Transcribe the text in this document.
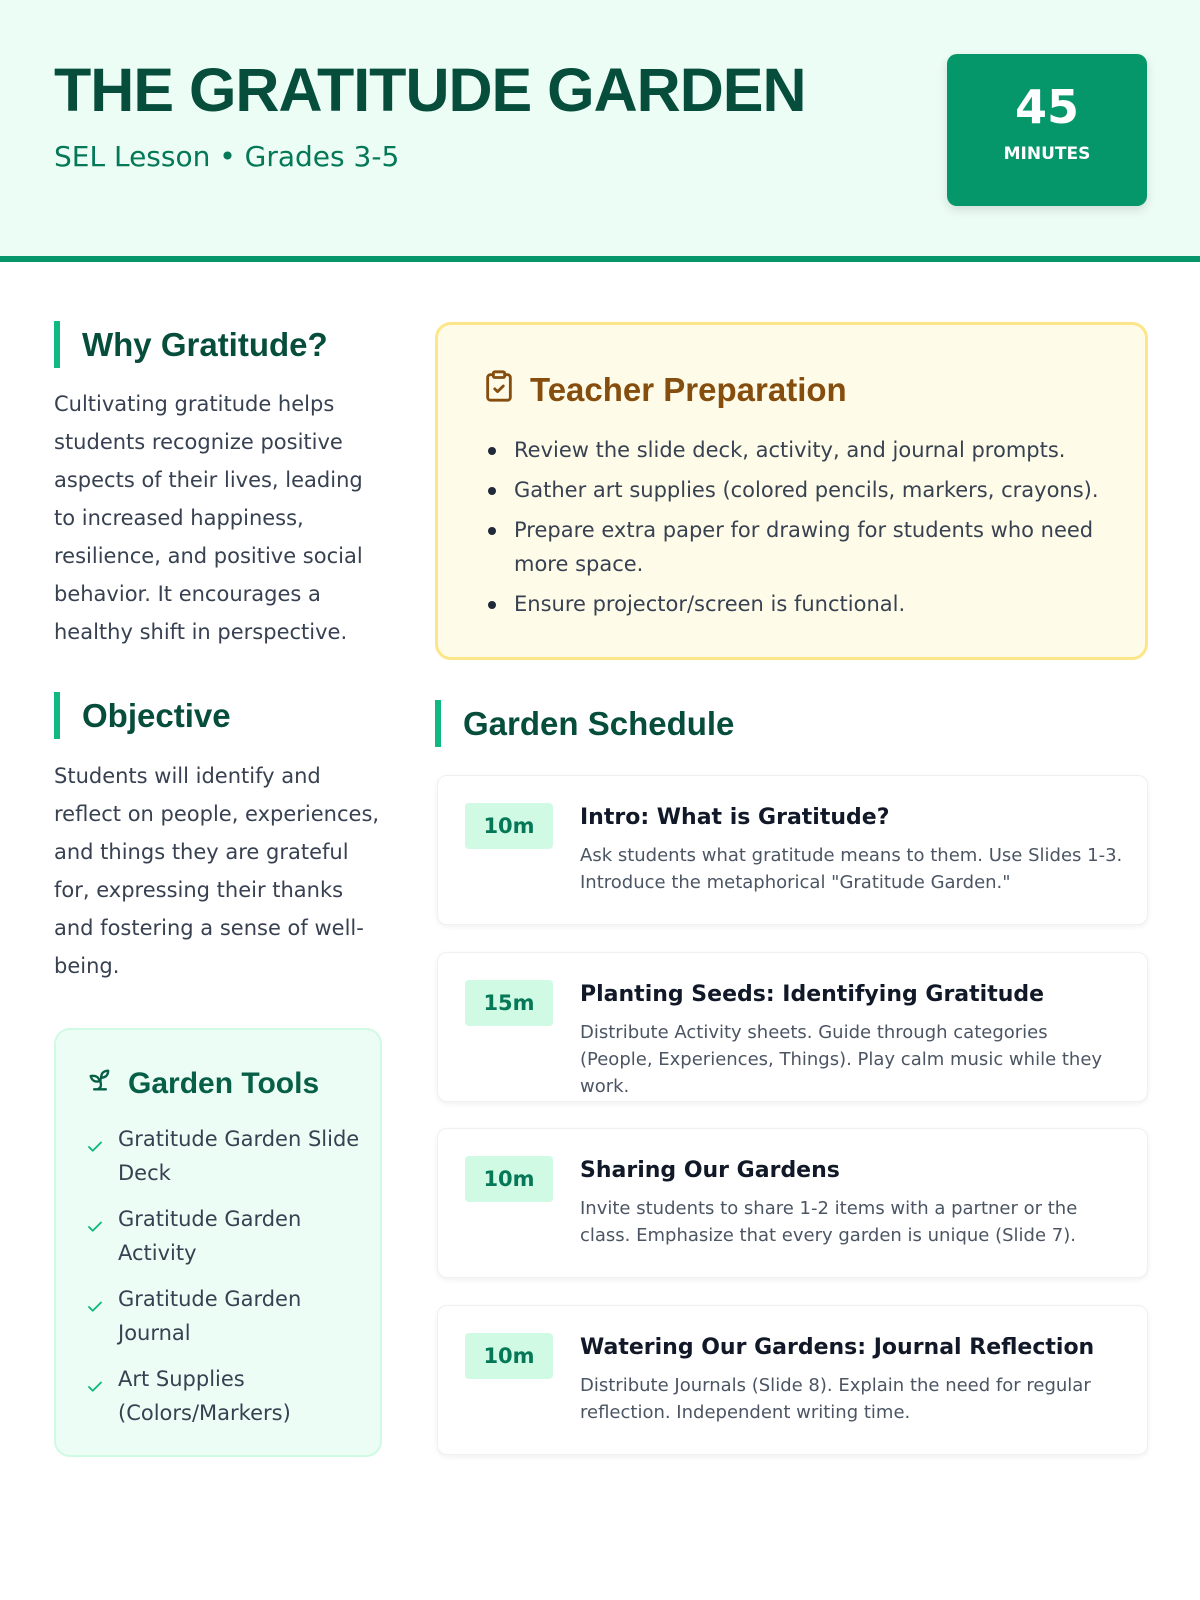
THE GRATITUDE GARDEN
SEL Lesson • Grades 3-5
45
MINUTES
Why Gratitude?

Cultivating gratitude helps students recognize positive aspects of their lives, leading to increased happiness, resilience, and positive social behavior. It encourages a healthy shift in perspective.

Objective

Students will identify and reflect on people, experiences, and things they are grateful for, expressing their thanks and fostering a sense of well-being.

Garden Tools
Gratitude Garden Slide Deck
Gratitude Garden Activity
Gratitude Garden Journal
Art Supplies (Colors/Markers)
Teacher Preparation
Review the slide deck, activity, and journal prompts.
Gather art supplies (colored pencils, markers, crayons).
Prepare extra paper for drawing for students who need more space.
Ensure projector/screen is functional.
Garden Schedule
10m	Intro: What is Gratitude?
Ask students what gratitude means to them. Use Slides 1-3. Introduce the metaphorical "Gratitude Garden."
15m	Planting Seeds: Identifying Gratitude
Distribute Activity sheets. Guide through categories (People, Experiences, Things). Play calm music while they work.
10m	Sharing Our Gardens
Invite students to share 1-2 items with a partner or the class. Emphasize that every garden is unique (Slide 7).
10m	Watering Our Gardens: Journal Reflection
Distribute Journals (Slide 8). Explain the need for regular reflection. Independent writing time.
